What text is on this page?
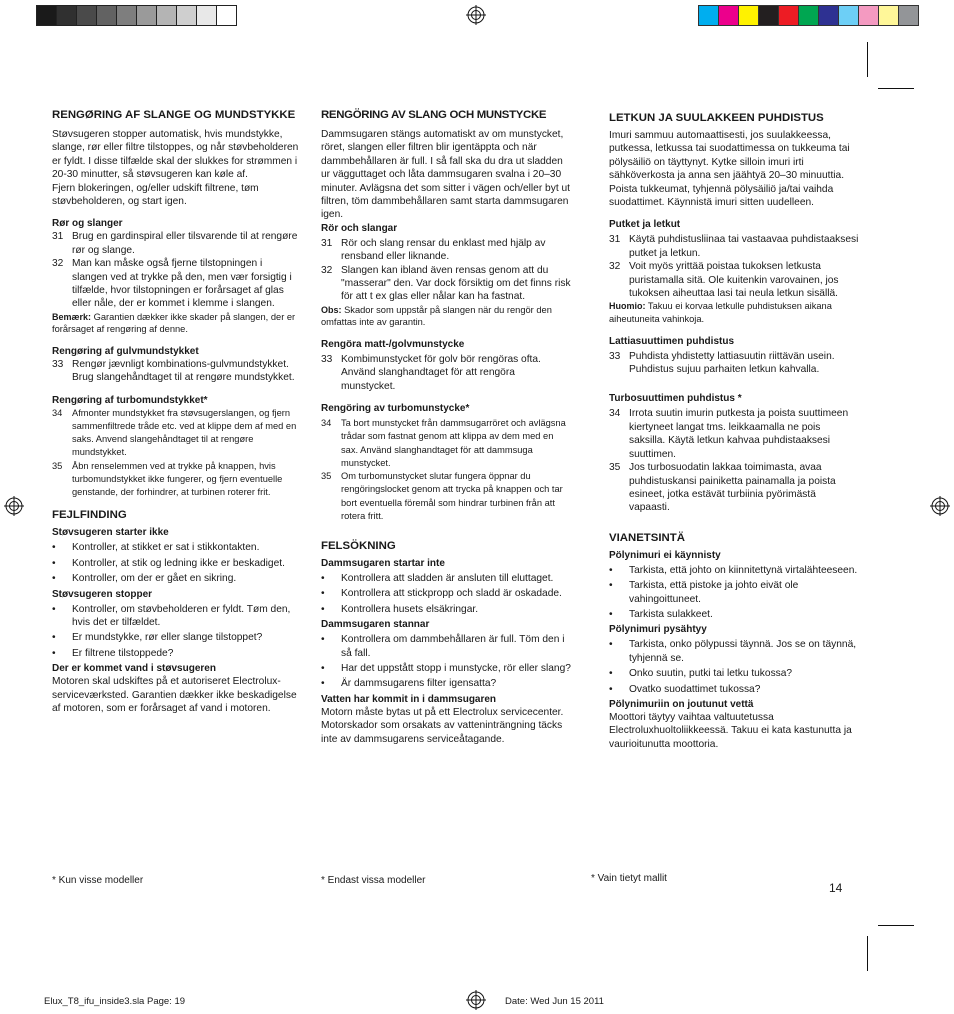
RENGØRING AF SLANGE OG MUNDSTYKKE

Støvsugeren stopper automatisk, hvis mundstykke, slange, rør eller filtre tilstoppes, og når støvbeholderen er fyldt. I disse tilfælde skal der slukkes for strømmen i 20-30 minutter, så støvsugeren kan køle af.

Fjern blokeringen, og/eller udskift filtrene, tøm støvbeholderen, og start igen.

Rør og slanger

31 Brug en gardinspiral eller tilsvarende til at rengøre rør og slange.

32 Man kan måske også fjerne tilstopningen i slangen ved at trykke på den, men vær forsigtig i tilfælde, hvor tilstopningen er forårsaget af glas eller nåle, der er kommet i klemme i slangen.

Bemærk: Garantien dækker ikke skader på slangen, der er forårsaget af rengøring af denne.

Rengøring af gulvmundstykket

33 Rengør jævnligt kombinations-gulvmundstykket. Brug slangehåndtaget til at rengøre mundstykket.

Rengøring af turbomundstykket*

34 Afmonter mundstykket fra støvsugerslangen, og fjern sammenfiltrede tråde etc. ved at klippe dem af med en saks. Anvend slangehåndtaget til at rengøre mundstykket.

35 Åbn renselemmen ved at trykke på knappen, hvis turbomundstykket ikke fungerer, og fjern eventuelle genstande, der forhindrer, at turbinen roterer frit.

FEJLFINDING

Støvsugeren starter ikke

• Kontroller, at stikket er sat i stikkontakten.

• Kontroller, at stik og ledning ikke er beskadiget.

• Kontroller, om der er gået en sikring.

Støvsugeren stopper

• Kontroller, om støvbeholderen er fyldt. Tøm den, hvis det er tilfældet.

• Er mundstykke, rør eller slange tilstoppet?

• Er filtrene tilstoppede?

Der er kommet vand i støvsugeren

Motoren skal udskiftes på et autoriseret Electrolux- serviceværksted. Garantien dækker ikke beskadigelse af motoren, som er forårsaget af vand i motoren.

RENGÖRING AV SLANG OCH MUNSTYCKE

Dammsugaren stängs automatiskt av om munstycket, röret, slangen eller filtren blir igentäppta och när dammbehållaren är full. I så fall ska du dra ut sladden ur vägguttaget och låta dammsugaren svalna i 20–30 minuter. Avlägsna det som sitter i vägen och/eller byt ut filtren, töm dammbehållaren samt starta dammsugaren igen.

Rör och slangar

31 Rör och slang rensar du enklast med hjälp av rensband eller liknande.

32 Slangen kan ibland även rensas genom att du "masserar" den. Var dock försiktig om det finns risk för att t ex glas eller nålar kan ha fastnat.

Obs: Skador som uppstår på slangen när du rengör den omfattas inte av garantin.

Rengöra matt-/golvmunstycke

33 Kombimunstycket för golv bör rengöras ofta. Använd slanghandtaget för att rengöra munstycket.

Rengöring av turbomunstycke*

34 Ta bort munstycket från dammsugarröret och avlägsna trådar som fastnat genom att klippa av dem med en sax. Använd slanghandtaget för att dammsuga munstycket.

35 Om turbomunstycket slutar fungera öppnar du rengöringslocket genom att trycka på knappen och tar bort eventuella föremål som hindrar turbinen från att rotera fritt.

FELSÖKNING

Dammsugaren startar inte

• Kontrollera att sladden är ansluten till eluttaget.

• Kontrollera att stickpropp och sladd är oskadade.

• Kontrollera husets elsäkringar.

Dammsugaren stannar

• Kontrollera om dammbehållaren är full. Töm den i så fall.

• Har det uppstått stopp i munstycke, rör eller slang?

• Är dammsugarens filter igensatta?

Vatten har kommit in i dammsugaren

Motorn måste bytas ut på ett Electrolux servicecenter. Motorskador som orsakats av vatteninträngning täcks inte av dammsugarens serviceåtagande.

LETKUN JA SUULAKKEEN PUHDISTUS

Imuri sammuu automaattisesti, jos suulakkeessa, putkessa, letkussa tai suodattimessa on tukkeuma tai pölysäiliö on täyttynyt. Kytke silloin imuri irti sähköverkosta ja anna sen jäähtyä 20–30 minuuttia. Poista tukkeumat, tyhjennä pölysäiliö ja/tai vaihda suodattimet. Käynnistä imuri sitten uudelleen.

Putket ja letkut

31 Käytä puhdistusliinaa tai vastaavaa puhdistaaksesi putket ja letkun.

32 Voit myös yrittää poistaa tukoksen letkusta puristamalla sitä. Ole kuitenkin varovainen, jos tukoksen aiheuttaa lasi tai neula letkun sisällä.

Huomio: Takuu ei korvaa letkulle puhdistuksen aikana aiheutuneita vahinkoja.

Lattiasuuttimen puhdistus

33 Puhdista yhdistetty lattiasuutin riittävän usein. Puhdistus sujuu parhaiten letkun kahvalla.

Turbosuuttimen puhdistus *

34 Irrota suutin imurin putkesta ja poista suuttimeen kiertyneet langat tms. leikkaamalla ne pois saksilla. Käytä letkun kahvaa puhdistaaksesi suuttimen.

35 Jos turbosuodatin lakkaa toimimasta, avaa puhdistuskansi painiketta painamalla ja poista esineet, jotka estävät turbiinia pyörimästä vapaasti.

VIANETSINTÄ

Pölynimuri ei käynnisty

• Tarkista, että johto on kiinnitettynä virtalähteeseen.

• Tarkista, että pistoke ja johto eivät ole vahingoittuneet.

• Tarkista sulakkeet.

Pölynimuri pysähtyy

• Tarkista, onko pölypussi täynnä. Jos se on täynnä, tyhjennä se.

• Onko suutin, putki tai letku tukossa?

• Ovatko suodattimet tukossa?

Pölynimuriin on joutunut vettä

Moottori täytyy vaihtaa valtuutetussa Electroluxhuoltoliikkeessä. Takuu ei kata kastunutta ja vaurioitunutta moottoria.

* Kun visse modeller	* Endast vissa modeller	* Vain tietyt mallit
14
Elux_T8_ifu_inside3.sla Page: 19	Date: Wed Jun 15 2011
